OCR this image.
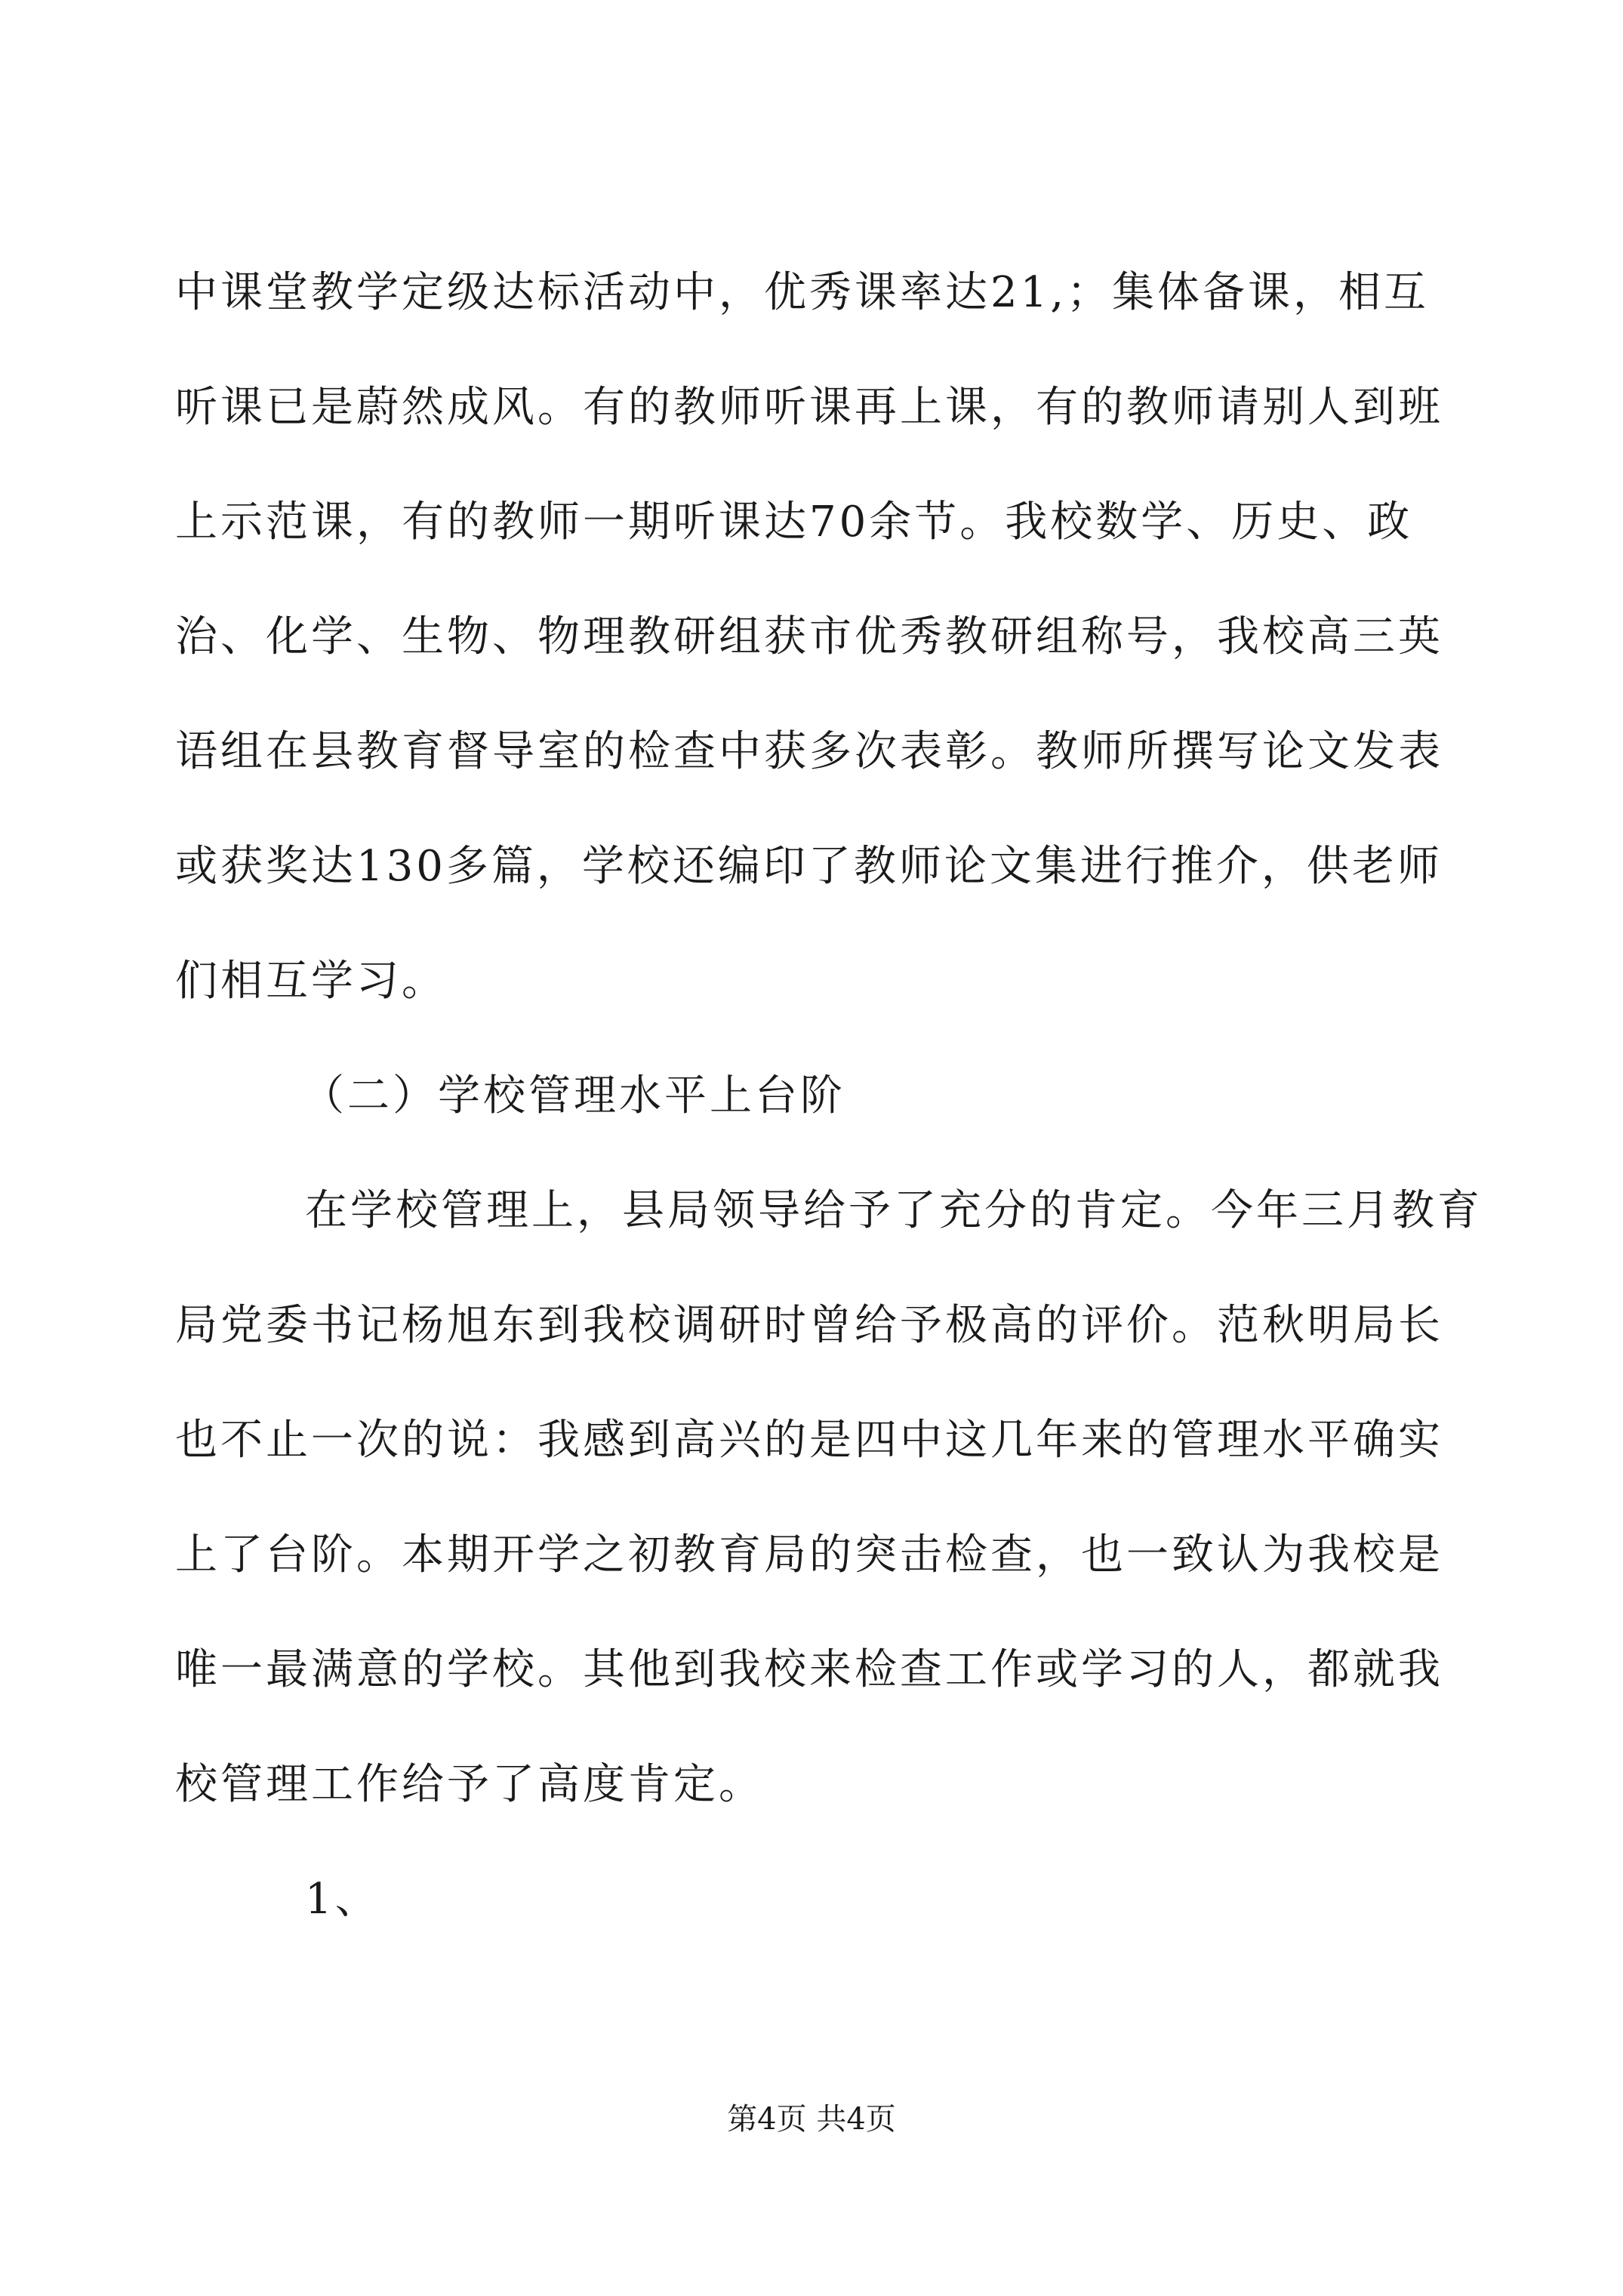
中课堂教学定级达标活动中，优秀课率达21,；集体备课，相互
听课已是蔚然成风。有的教师听课再上课，有的教师请别人到班
上示范课，有的教师一期听课达70余节。我校数学、历史、政
治、化学、生物、物理教研组获市优秀教研组称号，我校高三英
语组在县教育督导室的检查中获多次表彰。教师所撰写论文发表
或获奖达130多篇，学校还编印了教师论文集进行推介，供老师
们相互学习。
（二）学校管理水平上台阶
在学校管理上，县局领导给予了充分的肯定。今年三月教育
局党委书记杨旭东到我校调研时曾给予极高的评价。范秋明局长
也不止一次的说：我感到高兴的是四中这几年来的管理水平确实
上了台阶。本期开学之初教育局的突击检查，也一致认为我校是
唯一最满意的学校。其他到我校来检查工作或学习的人，都就我
校管理工作给予了高度肯定。
1、
第4页 共4页
